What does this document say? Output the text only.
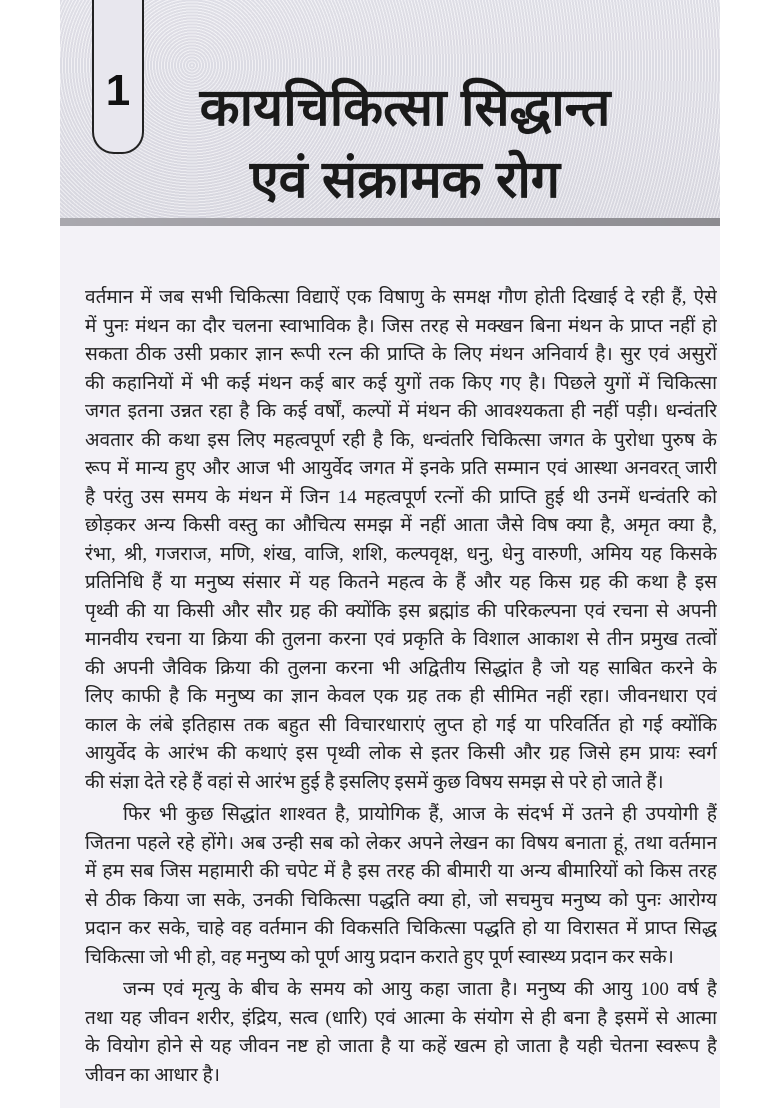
1	कायचिकित्सा सिद्धान्त
एवं संक्रामक रोग
वर्तमान में जब सभी चिकित्सा विद्याऐं एक विषाणु के समक्ष गौण होती दिखाई दे रही हैं, ऐसे
में पुनः मंथन का दौर चलना स्वाभाविक है। जिस तरह से मक्खन बिना मंथन के प्राप्त नहीं हो
सकता ठीक उसी प्रकार ज्ञान रूपी रत्न की प्राप्ति के लिए मंथन अनिवार्य है। सुर एवं असुरों
की कहानियों में भी कई मंथन कई बार कई युगों तक किए गए है। पिछले युगों में चिकित्सा
जगत इतना उन्नत रहा है कि कई वर्षों, कल्पों में मंथन की आवश्यकता ही नहीं पड़ी। धन्वंतरि
अवतार की कथा इस लिए महत्वपूर्ण रही है कि, धन्वंतरि चिकित्सा जगत के पुरोधा पुरुष के
रूप में मान्य हुए और आज भी आयुर्वेद जगत में इनके प्रति सम्मान एवं आस्था अनवरत् जारी
है परंतु उस समय के मंथन में जिन 14 महत्वपूर्ण रत्नों की प्राप्ति हुई थी उनमें धन्वंतरि को
छोड़कर अन्य किसी वस्तु का औचित्य समझ में नहीं आता जैसे विष क्या है, अमृत क्या है,
रंभा, श्री, गजराज, मणि, शंख, वाजि, शशि, कल्पवृक्ष, धनु, धेनु वारुणी, अमिय यह किसके
प्रतिनिधि हैं या मनुष्य संसार में यह कितने महत्व के हैं और यह किस ग्रह की कथा है इस
पृथ्वी की या किसी और सौर ग्रह की क्योंकि इस ब्रह्मांड की परिकल्पना एवं रचना से अपनी
मानवीय रचना या क्रिया की तुलना करना एवं प्रकृति के विशाल आकाश से तीन प्रमुख तत्वों
की अपनी जैविक क्रिया की तुलना करना भी अद्वितीय सिद्धांत है जो यह साबित करने के
लिए काफी है कि मनुष्य का ज्ञान केवल एक ग्रह तक ही सीमित नहीं रहा। जीवनधारा एवं
काल के लंबे इतिहास तक बहुत सी विचारधाराएं लुप्त हो गई या परिवर्तित हो गई क्योंकि
आयुर्वेद के आरंभ की कथाएं इस पृथ्वी लोक से इतर किसी और ग्रह जिसे हम प्रायः स्वर्ग
की संज्ञा देते रहे हैं वहां से आरंभ हुई है इसलिए इसमें कुछ विषय समझ से परे हो जाते हैं।
फिर भी कुछ सिद्धांत शाश्वत है, प्रायोगिक हैं, आज के संदर्भ में उतने ही उपयोगी हैं
जितना पहले रहे होंगे। अब उन्ही सब को लेकर अपने लेखन का विषय बनाता हूं, तथा वर्तमान
में हम सब जिस महामारी की चपेट में है इस तरह की बीमारी या अन्य बीमारियों को किस तरह
से ठीक किया जा सके, उनकी चिकित्सा पद्धति क्या हो, जो सचमुच मनुष्य को पुनः आरोग्य
प्रदान कर सके, चाहे वह वर्तमान की विकसति चिकित्सा पद्धति हो या विरासत में प्राप्त सिद्ध
चिकित्सा जो भी हो, वह मनुष्य को पूर्ण आयु प्रदान कराते हुए पूर्ण स्वास्थ्य प्रदान कर सके।
जन्म एवं मृत्यु के बीच के समय को आयु कहा जाता है। मनुष्य की आयु 100 वर्ष है
तथा यह जीवन शरीर, इंद्रिय, सत्व (धारि) एवं आत्मा के संयोग से ही बना है इसमें से आत्मा
के वियोग होने से यह जीवन नष्ट हो जाता है या कहें खत्म हो जाता है यही चेतना स्वरूप है
जीवन का आधार है।
